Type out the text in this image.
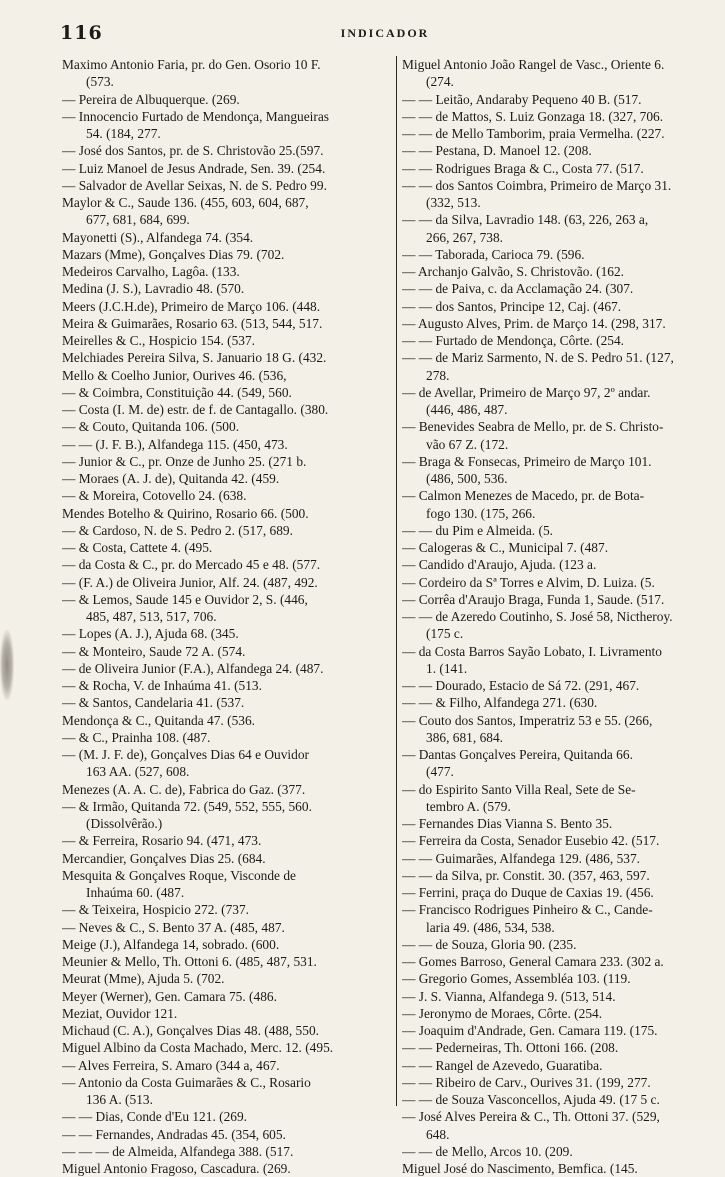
116	INDICADOR
Maximo Antonio Faria, pr. do Gen. Osorio 10 F.
(573.
— Pereira de Albuquerque. (269.
— Innocencio Furtado de Mendonça, Mangueiras
54. (184, 277.
— José dos Santos, pr. de S. Christovão 25.(597.
— Luiz Manoel de Jesus Andrade, Sen. 39. (254.
— Salvador de Avellar Seixas, N. de S. Pedro 99.
Maylor & C., Saude 136. (455, 603, 604, 687,
677, 681, 684, 699.
Mayonetti (S)., Alfandega 74. (354.
Mazars (Mme), Gonçalves Dias 79. (702.
Medeiros Carvalho, Lagôa. (133.
Medina (J. S.), Lavradio 48. (570.
Meers (J.C.H.de), Primeiro de Março 106. (448.
Meira & Guimarães, Rosario 63. (513, 544, 517.
Meirelles & C., Hospicio 154. (537.
Melchiades Pereira Silva, S. Januario 18 G. (432.
Mello & Coelho Junior, Ourives 46. (536,
— & Coimbra, Constituição 44. (549, 560.
— Costa (I. M. de) estr. de f. de Cantagallo. (380.
— & Couto, Quitanda 106. (500.
— — (J. F. B.), Alfandega 115. (450, 473.
— Junior & C., pr. Onze de Junho 25. (271 b.
— Moraes (A. J. de), Quitanda 42. (459.
— & Moreira, Cotovello 24. (638.
Mendes Botelho & Quirino, Rosario 66. (500.
— & Cardoso, N. de S. Pedro 2. (517, 689.
— & Costa, Cattete 4. (495.
— da Costa & C., pr. do Mercado 45 e 48. (577.
— (F. A.) de Oliveira Junior, Alf. 24. (487, 492.
— & Lemos, Saude 145 e Ouvidor 2, S. (446,
485, 487, 513, 517, 706.
— Lopes (A. J.), Ajuda 68. (345.
— & Monteiro, Saude 72 A. (574.
— de Oliveira Junior (F.A.), Alfandega 24. (487.
— & Rocha, V. de Inhaúma 41. (513.
— & Santos, Candelaria 41. (537.
Mendonça & C., Quitanda 47. (536.
— & C., Prainha 108. (487.
— (M. J. F. de), Gonçalves Dias 64 e Ouvidor
163 AA. (527, 608.
Menezes (A. A. C. de), Fabrica do Gaz. (377.
— & Irmão, Quitanda 72. (549, 552, 555, 560.
(Dissolvêrão.)
— & Ferreira, Rosario 94. (471, 473.
Mercandier, Gonçalves Dias 25. (684.
Mesquita & Gonçalves Roque, Visconde de
Inhaúma 60. (487.
— & Teixeira, Hospicio 272. (737.
— Neves & C., S. Bento 37 A. (485, 487.
Meige (J.), Alfandega 14, sobrado. (600.
Meunier & Mello, Th. Ottoni 6. (485, 487, 531.
Meurat (Mme), Ajuda 5. (702.
Meyer (Werner), Gen. Camara 75. (486.
Meziat, Ouvidor 121.
Michaud (C. A.), Gonçalves Dias 48. (488, 550.
Miguel Albino da Costa Machado, Merc. 12. (495.
— Alves Ferreira, S. Amaro (344 a, 467.
— Antonio da Costa Guimarães & C., Rosario
136 A. (513.
— — Dias, Conde d'Eu 121. (269.
— — Fernandes, Andradas 45. (354, 605.
— — — de Almeida, Alfandega 388. (517.
Miguel Antonio Fragoso, Cascadura. (269.
Miguel Antonio João Rangel de Vasc., Oriente 6.
(274.
— — Leitão, Andaraby Pequeno 40 B. (517.
— — de Mattos, S. Luiz Gonzaga 18. (327, 706.
— — de Mello Tamborim, praia Vermelha. (227.
— — Pestana, D. Manoel 12. (208.
— — Rodrigues Braga & C., Costa 77. (517.
— — dos Santos Coimbra, Primeiro de Março 31.
(332, 513.
— — da Silva, Lavradio 148. (63, 226, 263 a,
266, 267, 738.
— — Taborada, Carioca 79. (596.
— Archanjo Galvão, S. Christovão. (162.
— — de Paiva, c. da Acclamação 24. (307.
— — dos Santos, Principe 12, Caj. (467.
— Augusto Alves, Prim. de Março 14. (298, 317.
— — Furtado de Mendonça, Côrte. (254.
— — de Mariz Sarmento, N. de S. Pedro 51. (127,
278.
— de Avellar, Primeiro de Março 97, 2º andar.
(446, 486, 487.
— Benevides Seabra de Mello, pr. de S. Christo-
vão 67 Z. (172.
— Braga & Fonsecas, Primeiro de Março 101.
(486, 500, 536.
— Calmon Menezes de Macedo, pr. de Bota-
fogo 130. (175, 266.
— — du Pim e Almeida. (5.
— Calogeras & C., Municipal 7. (487.
— Candido d'Araujo, Ajuda. (123 a.
— Cordeiro da Sª Torres e Alvim, D. Luiza. (5.
— Corrêa d'Araujo Braga, Funda 1, Saude. (517.
— — de Azeredo Coutinho, S. José 58, Nictheroy.
(175 c.
— da Costa Barros Sayão Lobato, I. Livramento
1. (141.
— — Dourado, Estacio de Sá 72. (291, 467.
— — & Filho, Alfandega 271. (630.
— Couto dos Santos, Imperatriz 53 e 55. (266,
386, 681, 684.
— Dantas Gonçalves Pereira, Quitanda 66.
(477.
— do Espirito Santo Villa Real, Sete de Se-
tembro A. (579.
— Fernandes Dias Vianna S. Bento 35.
— Ferreira da Costa, Senador Eusebio 42. (517.
— — Guimarães, Alfandega 129. (486, 537.
— — da Silva, pr. Constit. 30. (357, 463, 597.
— Ferrini, praça do Duque de Caxias 19. (456.
— Francisco Rodrigues Pinheiro & C., Cande-
laria 49. (486, 534, 538.
— — de Souza, Gloria 90. (235.
— Gomes Barroso, General Camara 233. (302 a.
— Gregorio Gomes, Assembléa 103. (119.
— J. S. Vianna, Alfandega 9. (513, 514.
— Jeronymo de Moraes, Côrte. (254.
— Joaquim d'Andrade, Gen. Camara 119. (175.
— — Pederneiras, Th. Ottoni 166. (208.
— — Rangel de Azevedo, Guaratiba.
— — Ribeiro de Carv., Ourives 31. (199, 277.
— — de Souza Vasconcellos, Ajuda 49. (17 5 c.
— José Alves Pereira & C., Th. Ottoni 37. (529,
648.
— — de Mello, Arcos 10. (209.
Miguel José do Nascimento, Bemfica. (145.
